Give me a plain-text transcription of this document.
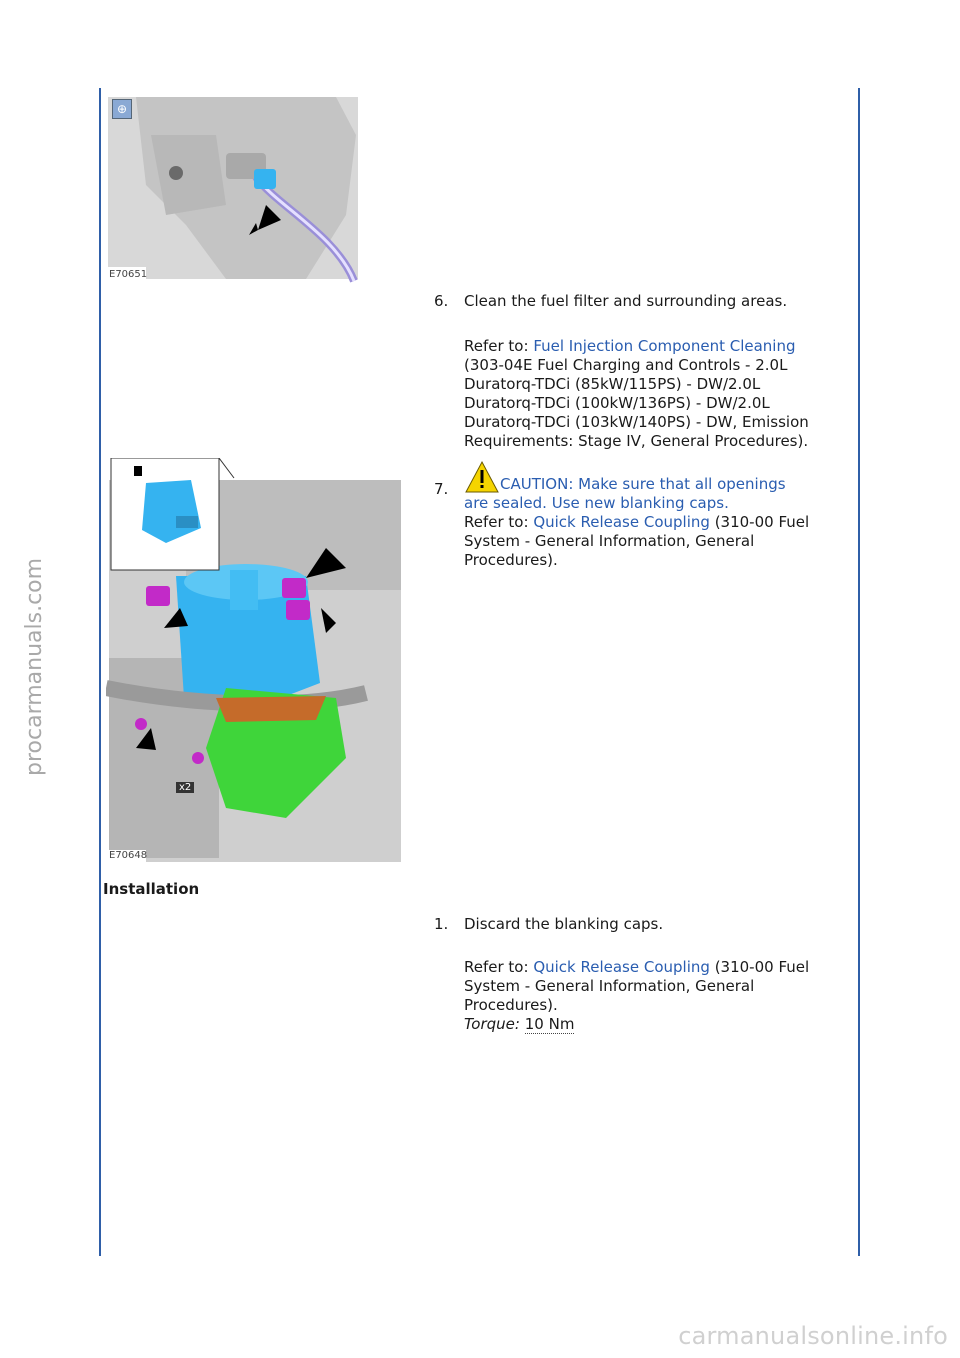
procarmanuals.com
carmanualsonline.info
⊕
E70651
x2
E70648
6. Clean the fuel filter and surrounding areas.

Refer to: Fuel Injection Component Cleaning

(303-04E Fuel Charging and Controls - 2.0L

Duratorq-TDCi (85kW/115PS) - DW/2.0L

Duratorq-TDCi (100kW/136PS) - DW/2.0L

Duratorq-TDCi (103kW/140PS) - DW, Emission

Requirements: Stage IV, General Procedures).

7.	CAUTION: Make sure that all openings

are sealed. Use new blanking caps.

Refer to: Quick Release Coupling (310-00 Fuel

System - General Information, General

Procedures).

Installation
1. Discard the blanking caps.

Refer to: Quick Release Coupling (310-00 Fuel

System - General Information, General

Procedures).

Torque: 10 Nm
